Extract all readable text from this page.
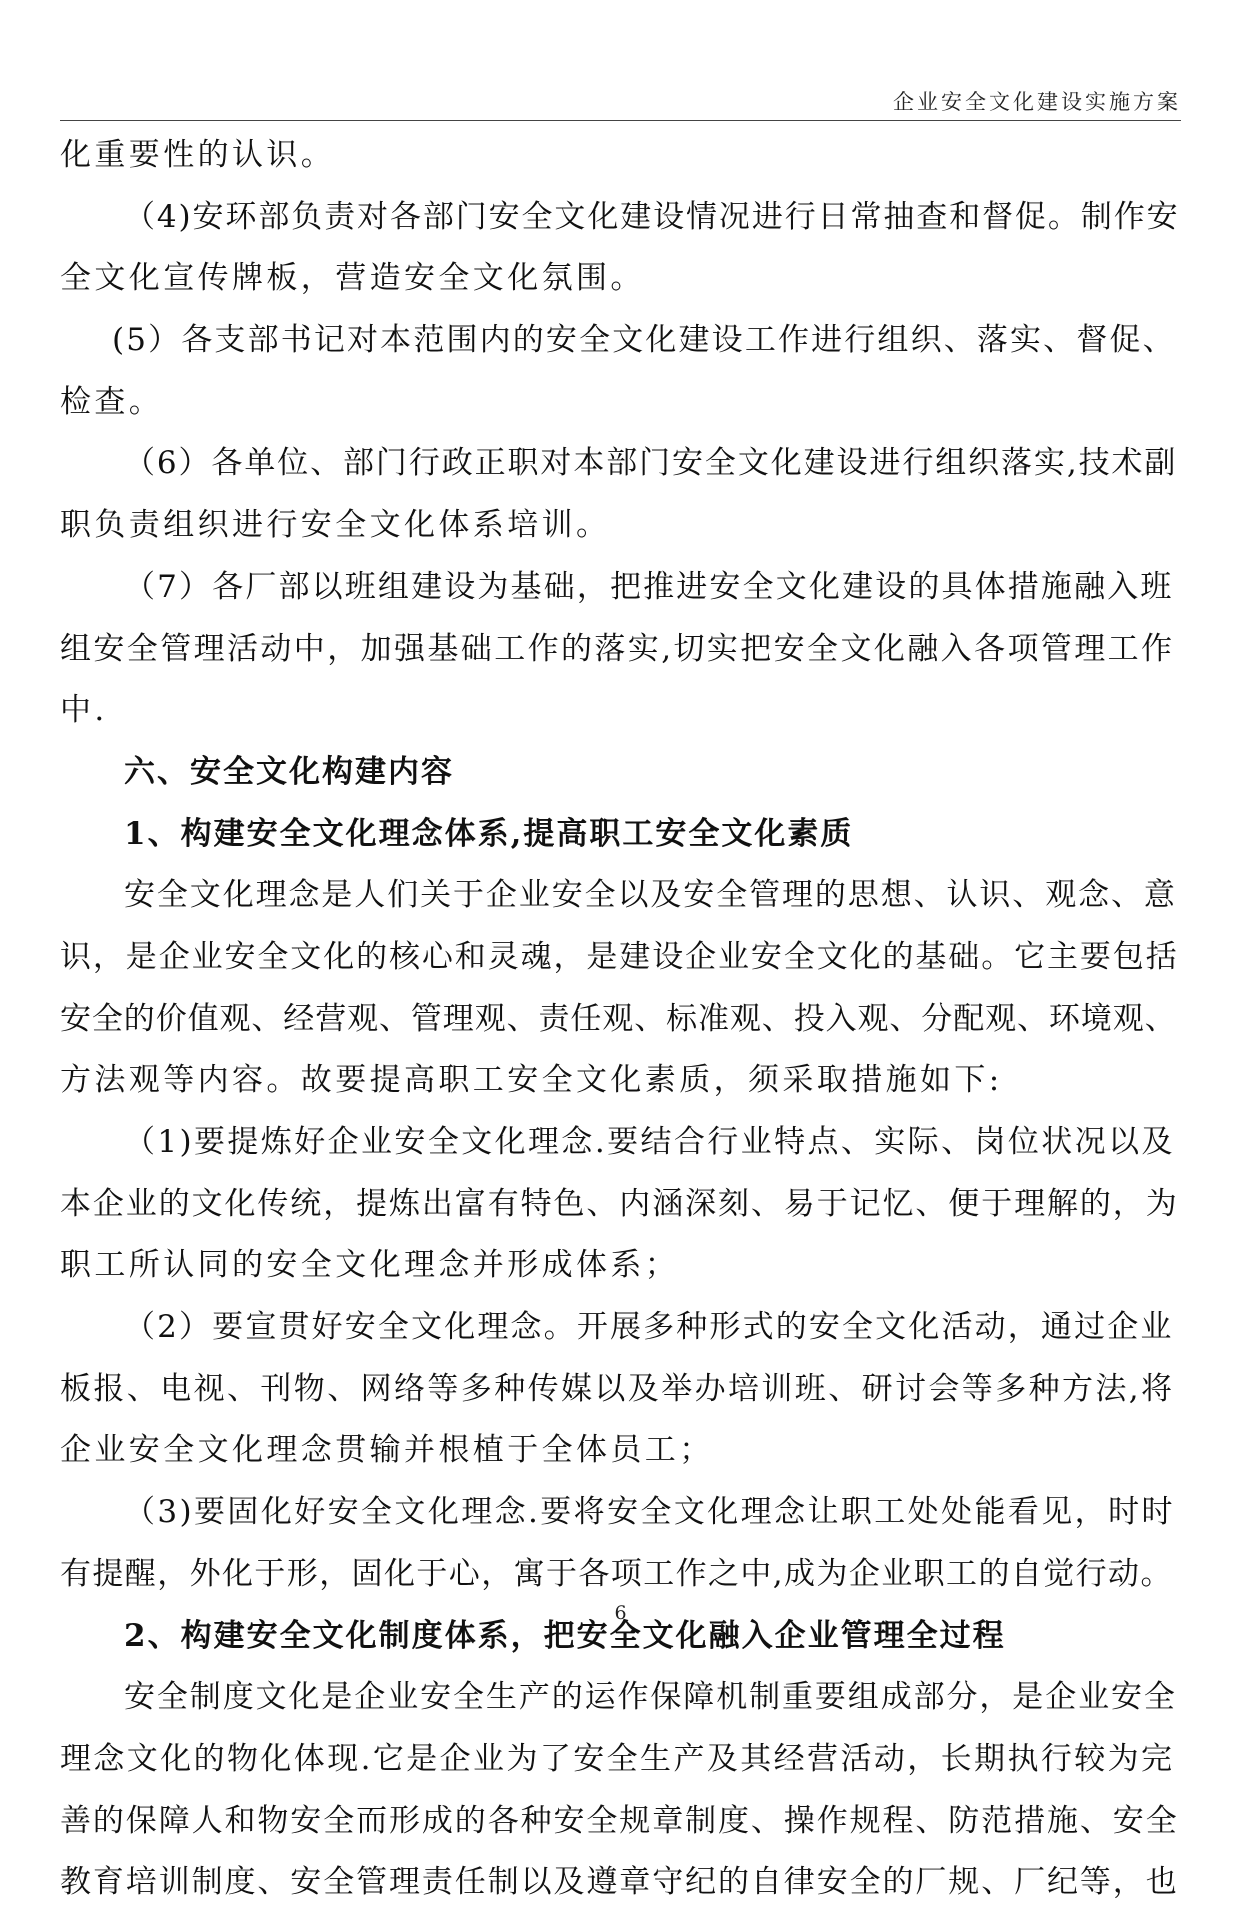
企业安全文化建设实施方案
化重要性的认识。
（4)安环部负责对各部门安全文化建设情况进行日常抽查和督促。制作安
全文化宣传牌板，营造安全文化氛围。
(5）各支部书记对本范围内的安全文化建设工作进行组织、落实、督促、
检查。
（6）各单位、部门行政正职对本部门安全文化建设进行组织落实,技术副
职负责组织进行安全文化体系培训。
（7）各厂部以班组建设为基础，把推进安全文化建设的具体措施融入班
组安全管理活动中，加强基础工作的落实,切实把安全文化融入各项管理工作
中.
六、安全文化构建内容
1、构建安全文化理念体系,提高职工安全文化素质
安全文化理念是人们关于企业安全以及安全管理的思想、认识、观念、意
识，是企业安全文化的核心和灵魂，是建设企业安全文化的基础。它主要包括
安全的价值观、经营观、管理观、责任观、标准观、投入观、分配观、环境观、
方法观等内容。故要提高职工安全文化素质，须采取措施如下:
（1)要提炼好企业安全文化理念.要结合行业特点、实际、岗位状况以及
本企业的文化传统，提炼出富有特色、内涵深刻、易于记忆、便于理解的，为
职工所认同的安全文化理念并形成体系；
（2）要宣贯好安全文化理念。开展多种形式的安全文化活动，通过企业
板报、电视、刊物、网络等多种传媒以及举办培训班、研讨会等多种方法,将
企业安全文化理念贯输并根植于全体员工；
（3)要固化好安全文化理念.要将安全文化理念让职工处处能看见，时时
有提醒，外化于形，固化于心，寓于各项工作之中,成为企业职工的自觉行动。
2、构建安全文化制度体系，把安全文化融入企业管理全过程
安全制度文化是企业安全生产的运作保障机制重要组成部分，是企业安全
理念文化的物化体现.它是企业为了安全生产及其经营活动，长期执行较为完
善的保障人和物安全而形成的各种安全规章制度、操作规程、防范措施、安全
教育培训制度、安全管理责任制以及遵章守纪的自律安全的厂规、厂纪等，也
6
